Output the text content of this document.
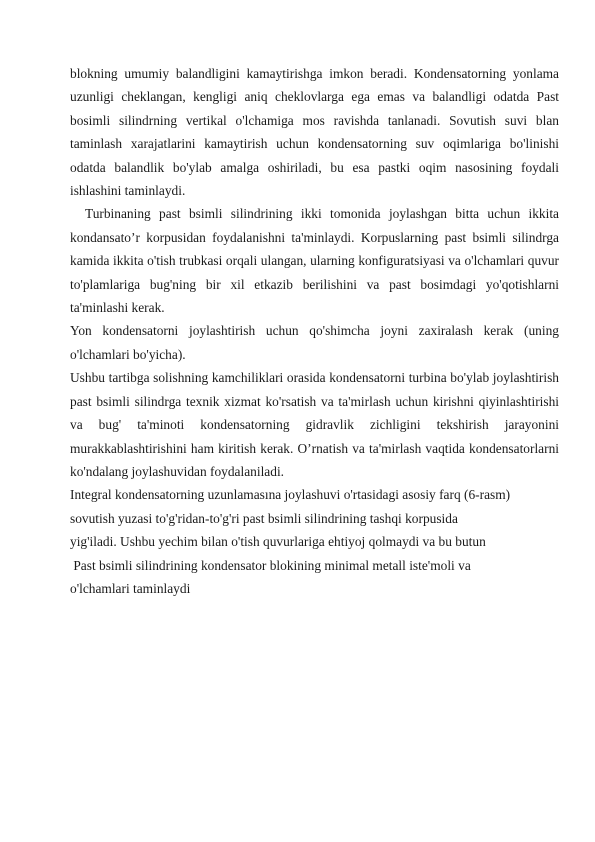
blokning umumiy balandligini kamaytirishga imkon beradi. Kondensatorning yonlama uzunligi cheklangan, kengligi aniq cheklovlarga ega emas va balandligi odatda Past bosimli silindrning vertikal o'lchamiga mos ravishda tanlanadi. Sovutish suvi blan taminlash xarajatlarini kamaytirish uchun kondensatorning suv oqimlariga bo'linishi odatda balandlik bo'ylab amalga oshiriladi, bu esa pastki oqim nasosining foydali ishlashini taminlaydi.

Turbinaning past bsimli silindrining ikki tomonida joylashgan bitta uchun ikkita kondansato’r korpusidan foydalanishni ta'minlaydi. Korpuslarning past bsimli silindrga kamida ikkita o'tish trubkasi orqali ulangan, ularning konfiguratsiyasi va o'lchamlari quvur to'plamlariga bug'ning bir xil etkazib berilishini va past bosimdagi yo'qotishlarni ta'minlashi kerak.

Yon kondensatorni joylashtirish uchun qo'shimcha joyni zaxiralash kerak (uning o'lchamlari bo'yicha).

Ushbu tartibga solishning kamchiliklari orasida kondensatorni turbina bo'ylab joylashtirish past bsimli silindrga texnik xizmat ko'rsatish va ta'mirlash uchun kirishni qiyinlashtirishi va bug' ta'minoti kondensatorning gidravlik zichligini tekshirish jarayonini murakkablashtirishini ham kiritish kerak. O’rnatish va ta'mirlash vaqtida kondensatorlarni ko'ndalang joylashuvidan foydalaniladi.

Integral kondensatorning uzunlamasına joylashuvi o'rtasidagi asosiy farq (6-rasm)

sovutish yuzasi to'g'ridan-to'g'ri past bsimli silindrining tashqi korpusida

yig'iladi. Ushbu yechim bilan o'tish quvurlariga ehtiyoj qolmaydi va bu butun

Past bsimli silindrining kondensator blokining minimal metall iste'moli va

o'lchamlari taminlaydi
